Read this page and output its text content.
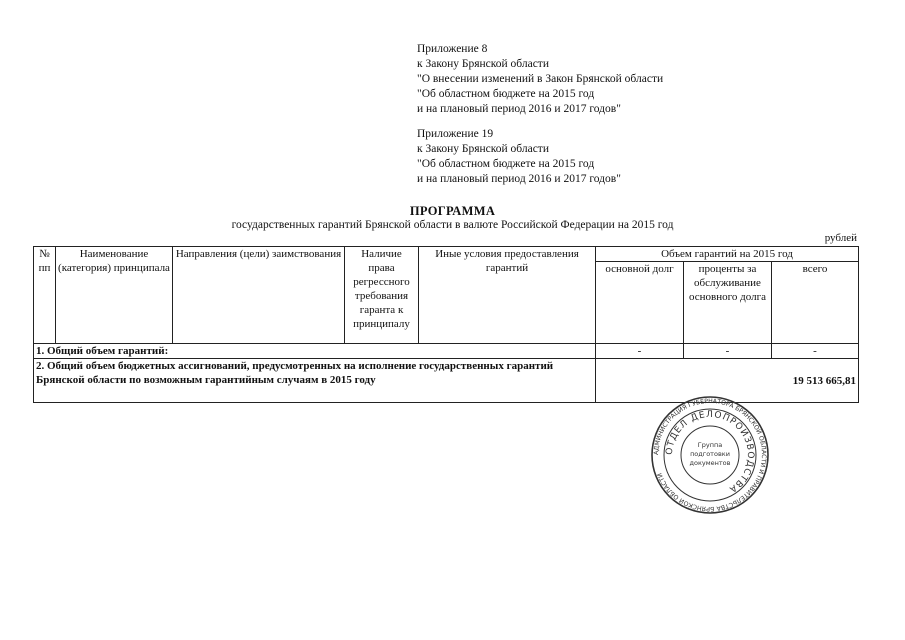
Приложение 8
к Закону Брянской области
"О внесении изменений в Закон Брянской области
"Об областном бюджете на 2015 год
и на плановый период 2016 и 2017 годов"
Приложение 19
к Закону Брянской области
"Об областном бюджете на 2015 год
и на плановый период 2016 и 2017 годов"
ПРОГРАММА
государственных гарантий Брянской области в валюте Российской Федерации на 2015 год
рублей
№ пп	Наименование (категория) принципала	Направления (цели) заимствования	Наличие права регрессного требования гаранта к принципалу	Иные условия предоставления гарантий	Объем гарантий на 2015 год		
					основной долг	проценты за обслуживание основного долга	всего
1. Общий объем гарантий:					-	-	-
2. Общий объем бюджетных ассигнований, предусмотренных на исполнение государственных гарантий Брянской области по возможным гарантийным случаям в 2015 году					19 513 665,81		
АДМИНИСТРАЦИЯ ГУБЕРНАТОРА БРЯНСКОЙ ОБЛАСТИ И ПРАВИТЕЛЬСТВА БРЯНСКОЙ ОБЛАСТИ
ОТДЕЛ ДЕЛОПРОИЗВОДСТВА
Группа
подготовки
документов
